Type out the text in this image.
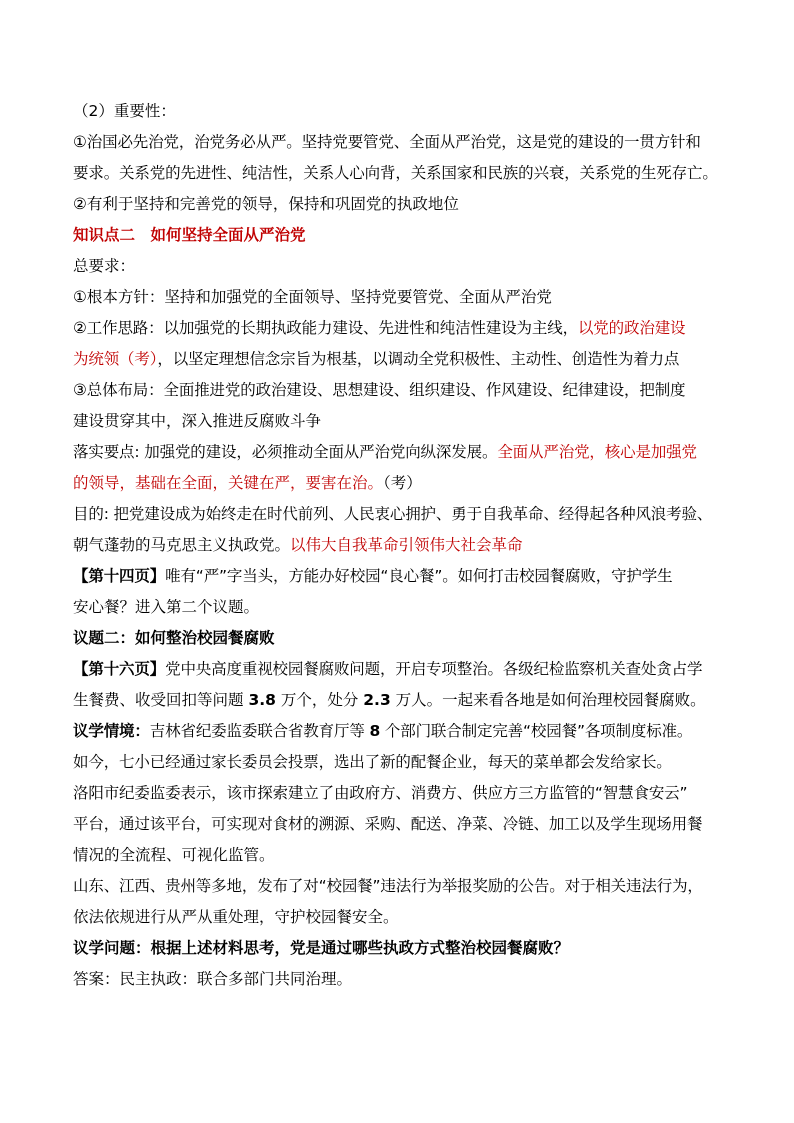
（2）重要性：
①治国必先治党，治党务必从严。坚持党要管党、全面从严治党，这是党的建设的一贯方针和
要求。关系党的先进性、纯洁性，关系人心向背，关系国家和民族的兴衰，关系党的生死存亡。
②有利于坚持和完善党的领导，保持和巩固党的执政地位
知识点二　如何坚持全面从严治党
总要求：
①根本方针：坚持和加强党的全面领导、坚持党要管党、全面从严治党
②工作思路：以加强党的长期执政能力建设、先进性和纯洁性建设为主线，以党的政治建设
为统领（考），以坚定理想信念宗旨为根基，以调动全党积极性、主动性、创造性为着力点
③总体布局：全面推进党的政治建设、思想建设、组织建设、作风建设、纪律建设，把制度
建设贯穿其中，深入推进反腐败斗争
落实要点: 加强党的建设，必须推动全面从严治党向纵深发展。全面从严治党，核心是加强党
的领导，基础在全面，关键在严，要害在治。（考）
目的: 把党建设成为始终走在时代前列、人民衷心拥护、勇于自我革命、经得起各种风浪考验、
朝气蓬勃的马克思主义执政党。以伟大自我革命引领伟大社会革命
【第十四页】唯有“严”字当头，方能办好校园“良心餐”。如何打击校园餐腐败，守护学生
安心餐？进入第二个议题。
议题二：如何整治校园餐腐败
【第十六页】党中央高度重视校园餐腐败问题，开启专项整治。各级纪检监察机关查处贪占学
生餐费、收受回扣等问题 3.8 万个，处分 2.3 万人。一起来看各地是如何治理校园餐腐败。
议学情境：吉林省纪委监委联合省教育厅等 8 个部门联合制定完善“校园餐”各项制度标准。
如今，七小已经通过家长委员会投票，选出了新的配餐企业，每天的菜单都会发给家长。
洛阳市纪委监委表示，该市探索建立了由政府方、消费方、供应方三方监管的“智慧食安云”
平台，通过该平台，可实现对食材的溯源、采购、配送、净菜、冷链、加工以及学生现场用餐
情况的全流程、可视化监管。
山东、江西、贵州等多地，发布了对“校园餐”违法行为举报奖励的公告。对于相关违法行为，
依法依规进行从严从重处理，守护校园餐安全。
议学问题：根据上述材料思考，党是通过哪些执政方式整治校园餐腐败？
答案：民主执政：联合多部门共同治理。
